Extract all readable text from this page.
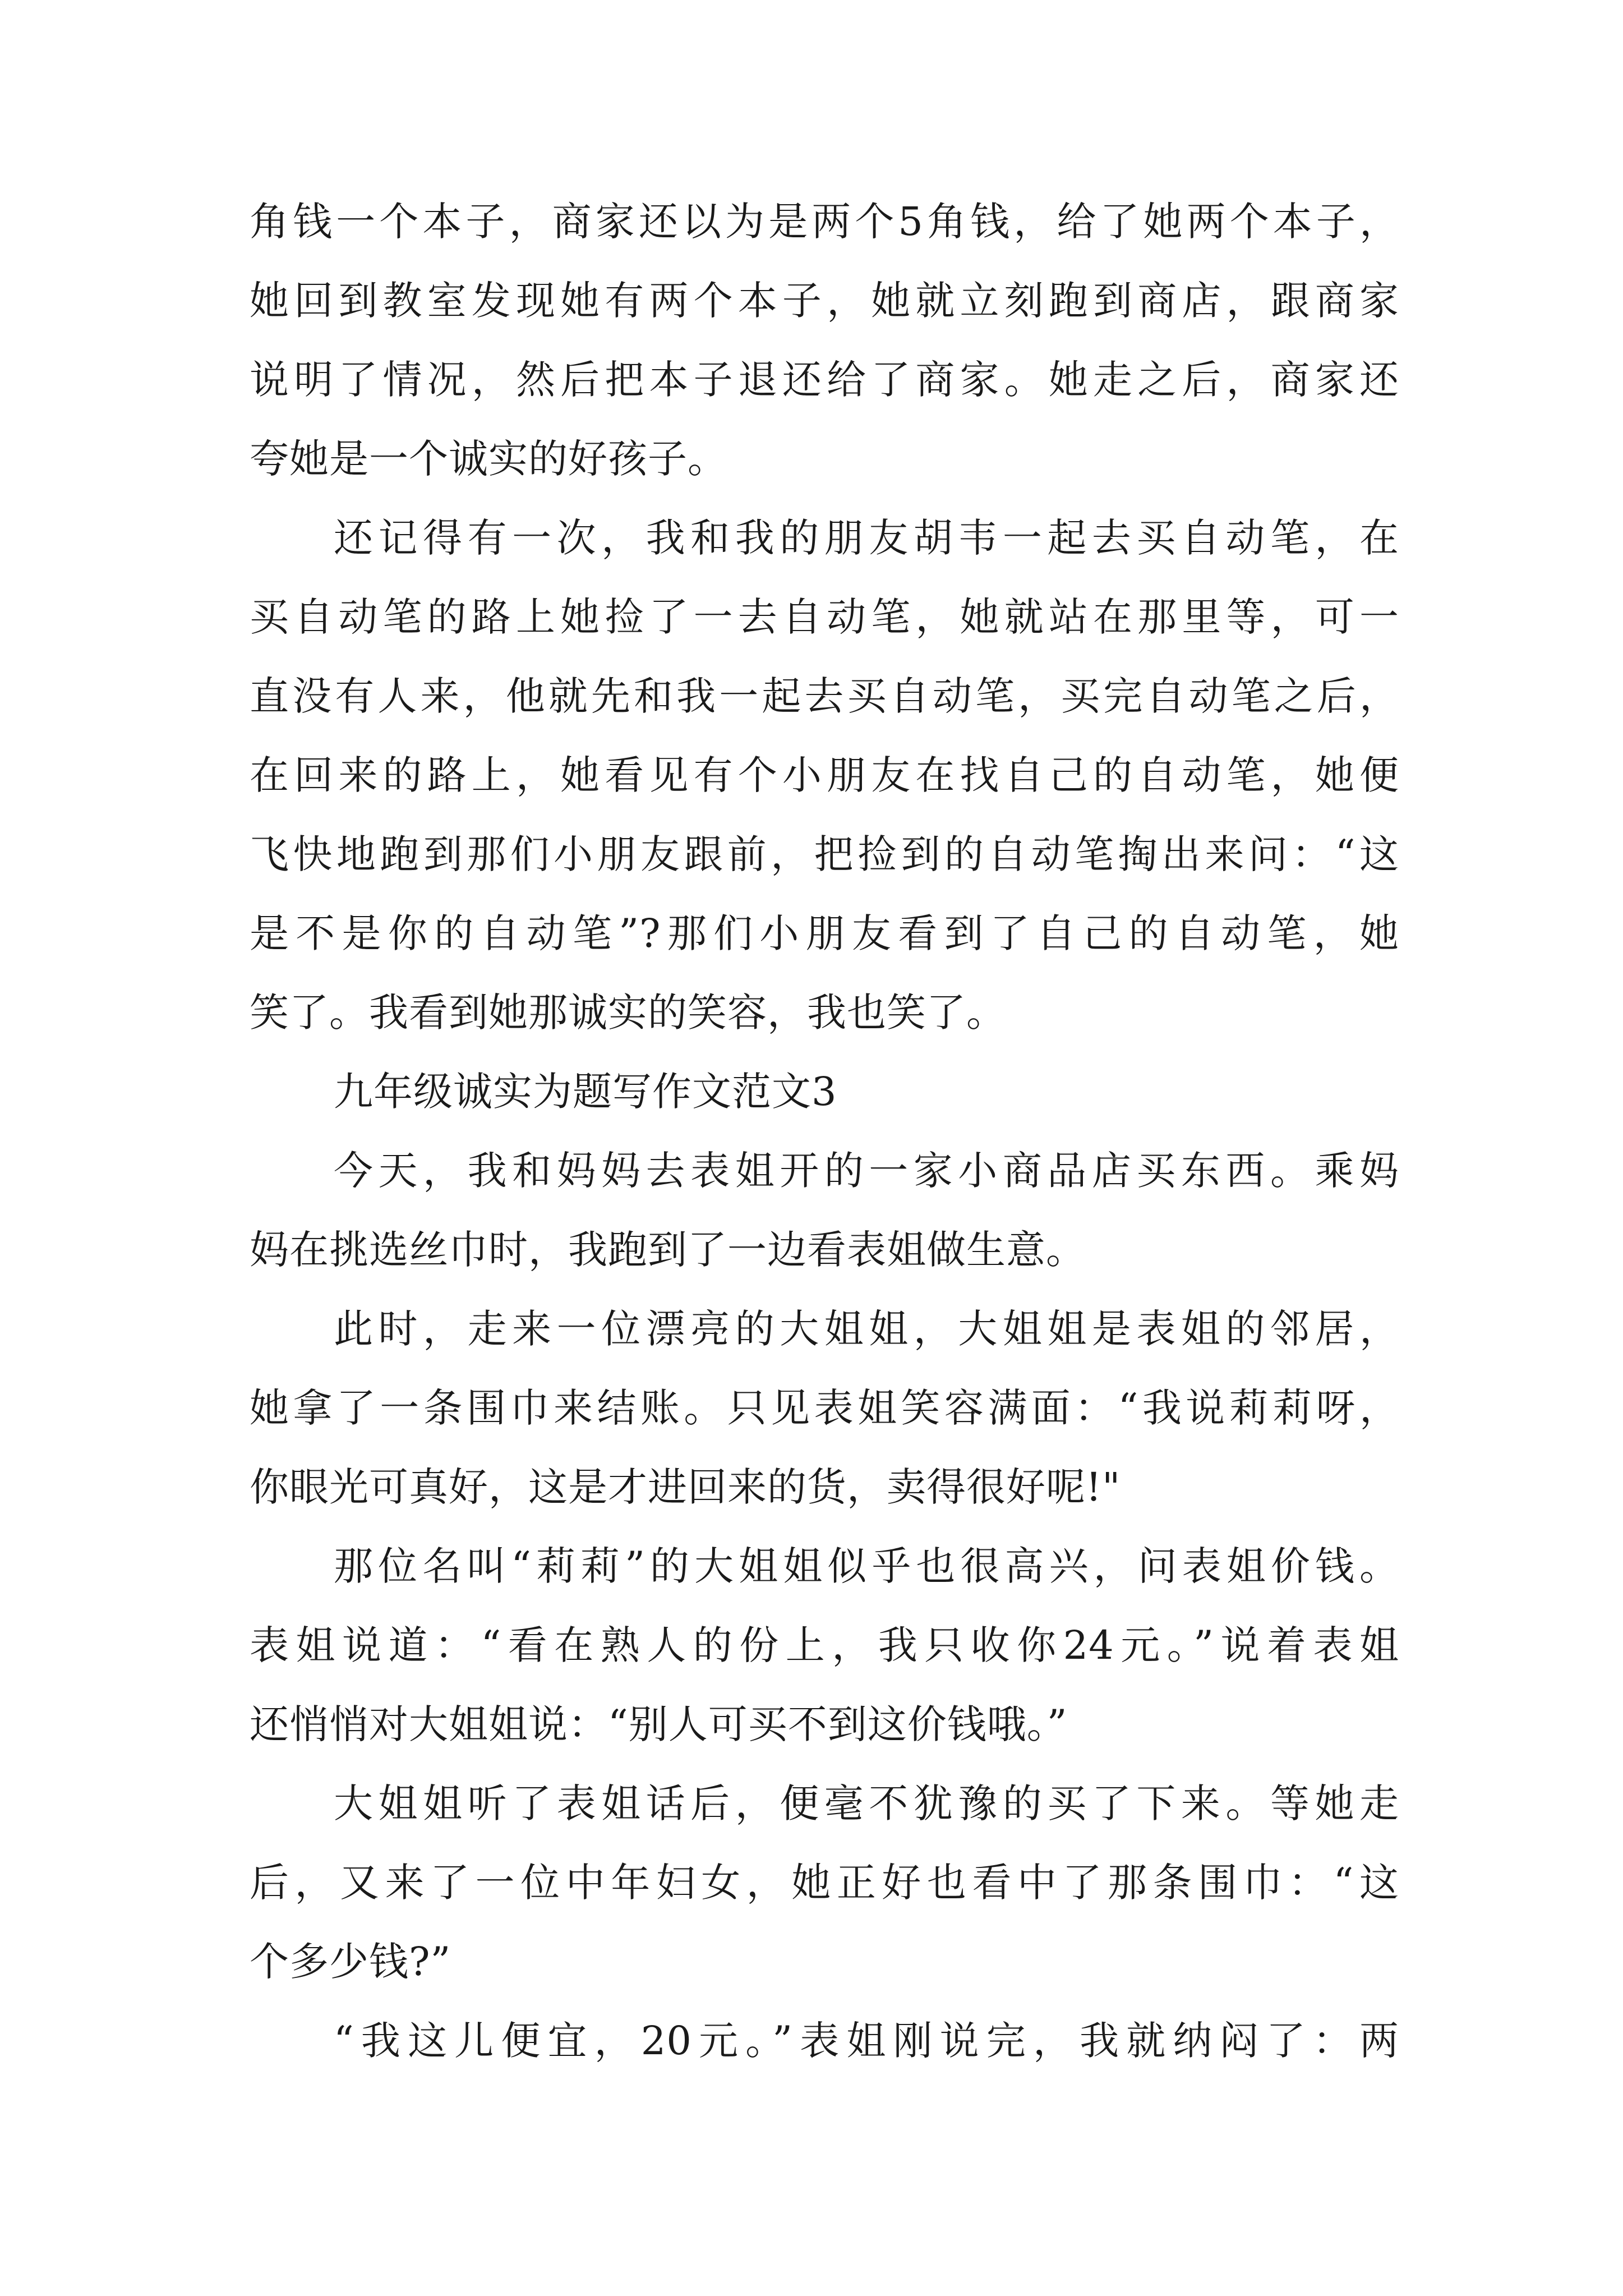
角钱一个本子，商家还以为是两个5角钱，给了她两个本子，
她回到教室发现她有两个本子，她就立刻跑到商店，跟商家
说明了情况，然后把本子退还给了商家。她走之后，商家还
夸她是一个诚实的好孩子。
还记得有一次，我和我的朋友胡韦一起去买自动笔，在
买自动笔的路上她捡了一去自动笔，她就站在那里等，可一
直没有人来，他就先和我一起去买自动笔，买完自动笔之后，
在回来的路上，她看见有个小朋友在找自己的自动笔，她便
飞快地跑到那们小朋友跟前，把捡到的自动笔掏出来问：“这
是不是你的自动笔”?那们小朋友看到了自己的自动笔，她
笑了。我看到她那诚实的笑容，我也笑了。
九年级诚实为题写作文范文3
今天，我和妈妈去表姐开的一家小商品店买东西。乘妈
妈在挑选丝巾时，我跑到了一边看表姐做生意。
此时，走来一位漂亮的大姐姐，大姐姐是表姐的邻居，
她拿了一条围巾来结账。只见表姐笑容满面：“我说莉莉呀，
你眼光可真好，这是才进回来的货，卖得很好呢!"
那位名叫“莉莉”的大姐姐似乎也很高兴，问表姐价钱。
表姐说道：“看在熟人的份上，我只收你24元。”说着表姐
还悄悄对大姐姐说：“别人可买不到这价钱哦。”
大姐姐听了表姐话后，便毫不犹豫的买了下来。等她走
后，又来了一位中年妇女，她正好也看中了那条围巾：“这
个多少钱?”
“我这儿便宜，20元。”表姐刚说完，我就纳闷了：两
